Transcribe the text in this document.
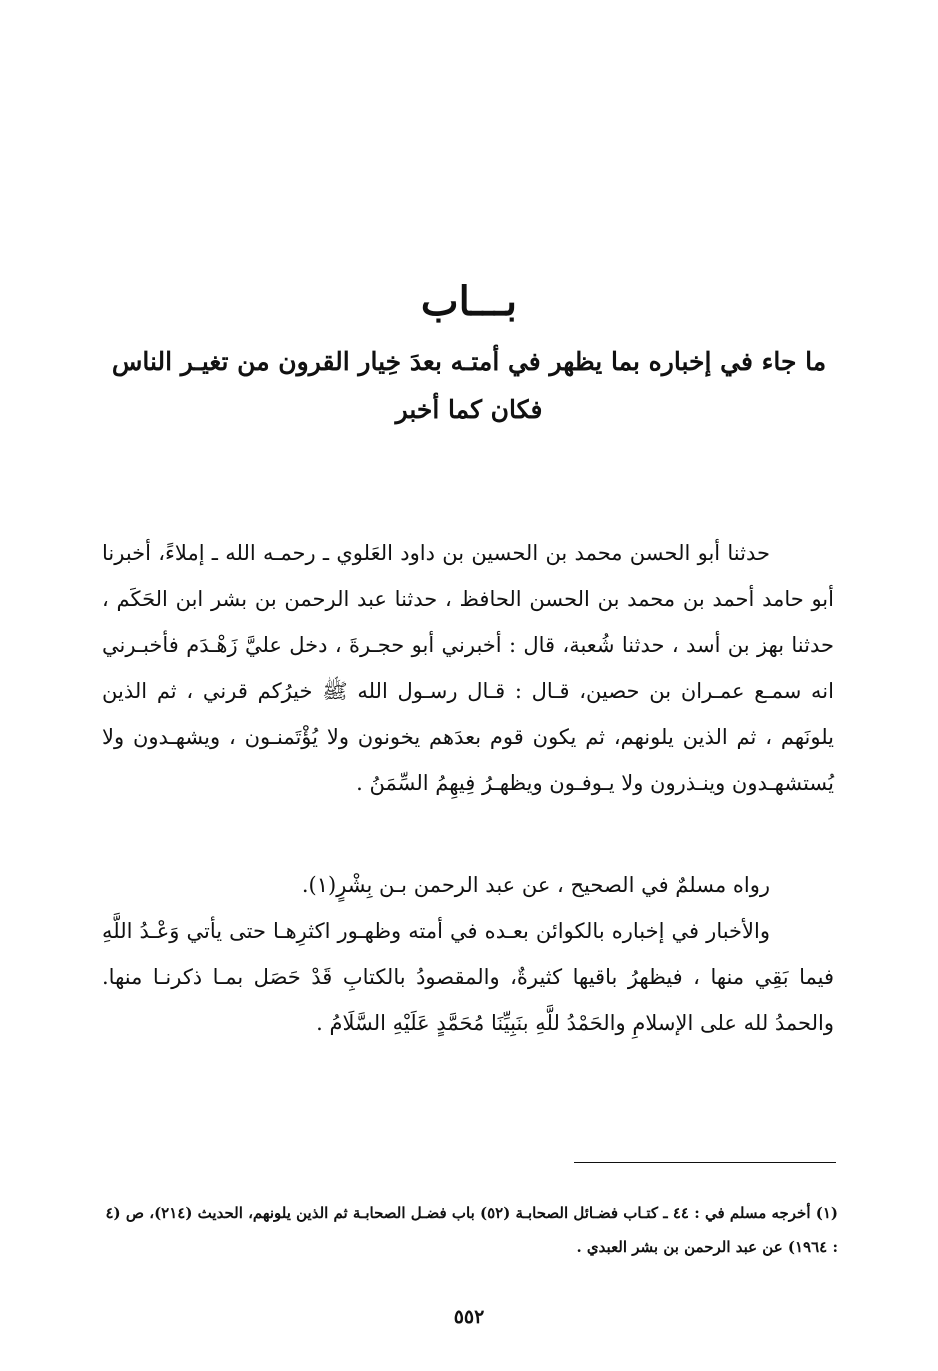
بـــاب
ما جاء في إخباره بما يظهر في أمتـه بعدَ خِيار القرون من تغيـر الناس
فكان كما أخبر
حدثنا أبو الحسن محمد بن الحسين بن داود العَلوي ـ رحمـه الله ـ إملاءً، أخبرنا أبو حامد أحمد بن محمد بن الحسن الحافظ ، حدثنا عبد الرحمن بن بشر ابن الحَكَم ، حدثنا بهز بن أسد ، حدثنا شُعبة، قال : أخبرني أبو حجـرةَ ، دخل عليَّ زَهْـدَم فأخبـرني انه سمـع عمـران بن حصين، قـال : قـال رسـول الله ﷺ خيرُكم قرني ، ثم الذين يلونَهم ، ثم الذين يلونهم، ثم يكون قوم بعدَهم يخونون ولا يُؤْتَمنـون ، ويشهـدون ولا يُستشهـدون وينـذرون ولا يـوفـون ويظهـرُ فِيهِمُ السِّمَنُ .
رواه مسلمٌ في الصحيح ، عن عبد الرحمن بـن بِشْرٍ(١).
والأخبار في إخباره بالكوائن بعـده في أمته وظهـور اكثرِهـا حتى يأتي وَعْـدُ اللَّهِ فيما بَقِي منها ، فيظهرُ باقيها كثيرةٌ، والمقصودُ بالكتابِ قَدْ حَصَل بمـا ذكرنـا منها. والحمدُ لله على الإسلامِ والحَمْدُ للَّهِ بنَبِيِّنَا مُحَمَّدٍ عَلَيْهِ السَّلَامُ .
(١) أخرجه مسلم في : ٤٤ ـ كتـاب فضـائل الصحابـة (٥٢) باب فضـل الصحابـة ثم الذين يلونهم، الحديث (٢١٤)، ص (٤ : ١٩٦٤) عن عبد الرحمن بن بشر العبدي .
٥٥٢
